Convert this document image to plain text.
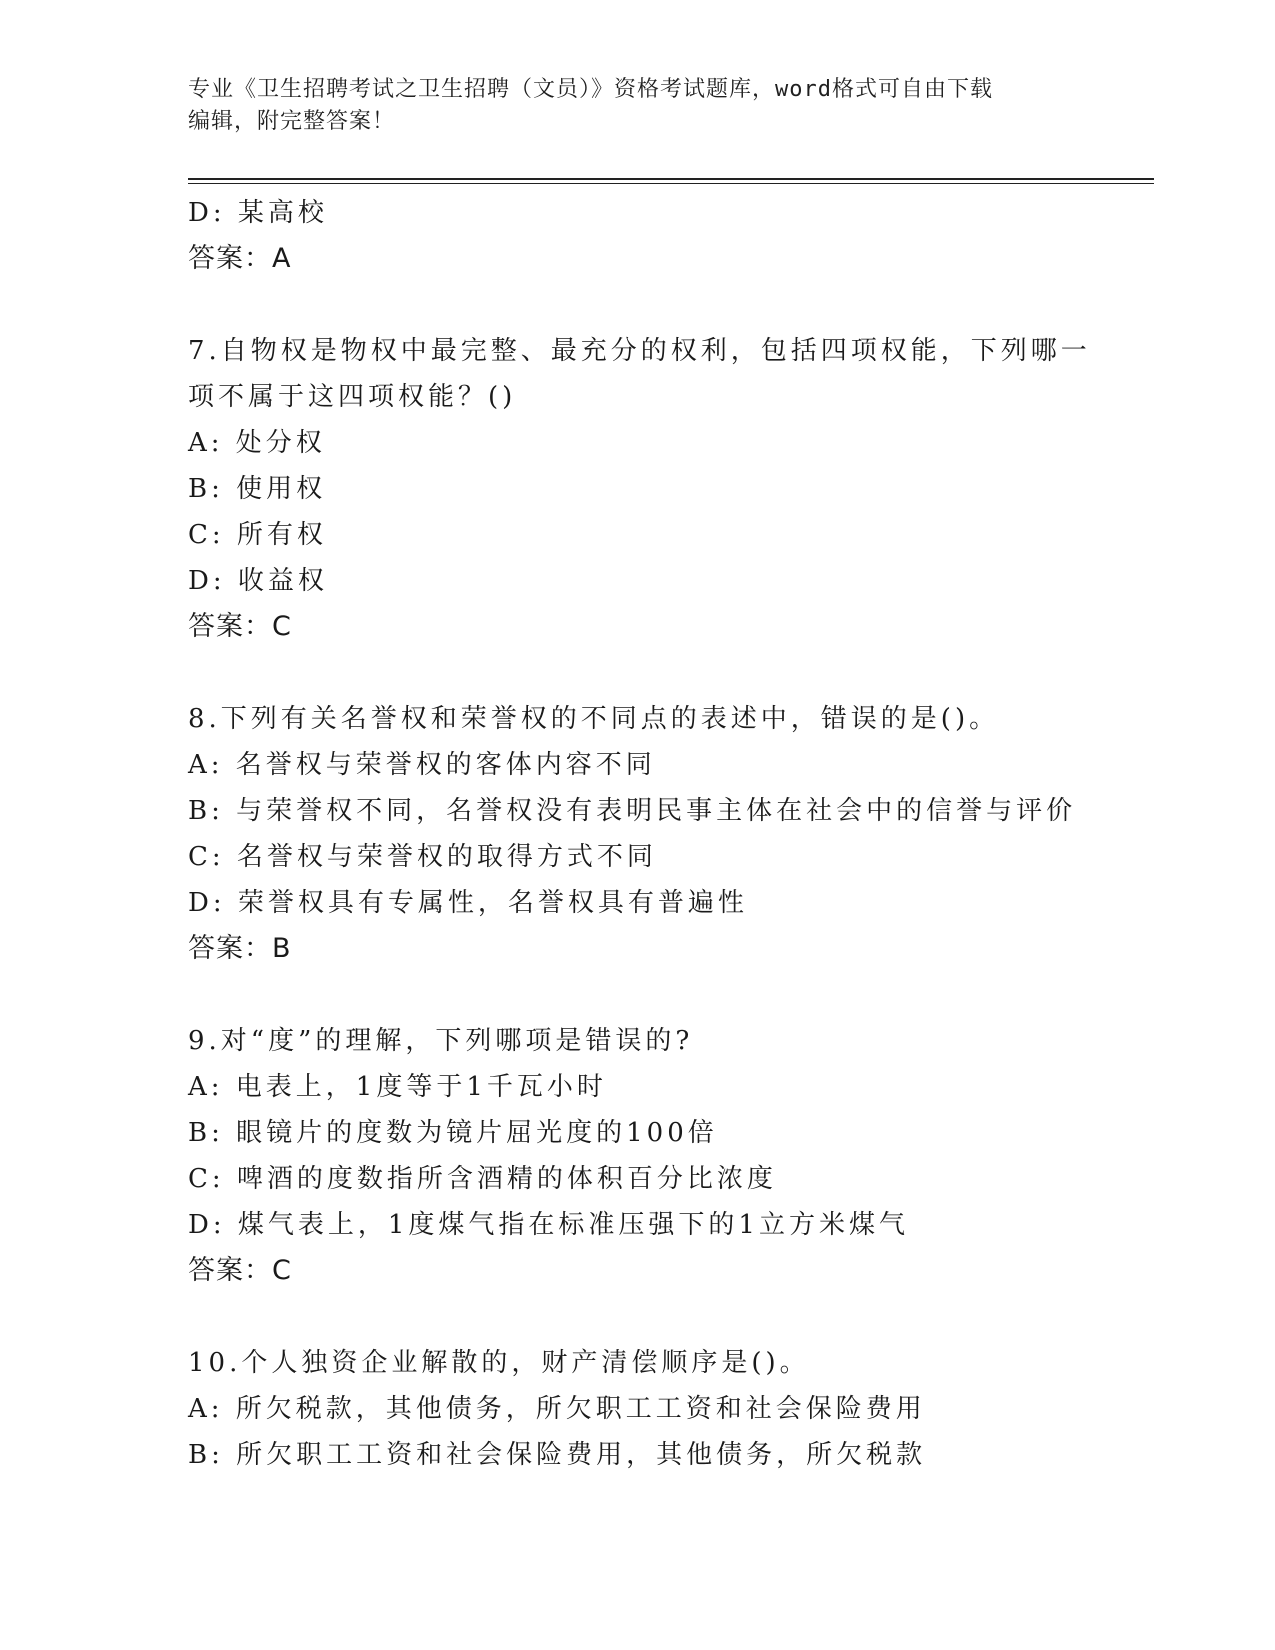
专业《卫生招聘考试之卫生招聘（文员）》资格考试题库，word格式可自由下载
编辑，附完整答案！
D: 某高校
答案：A
7.自物权是物权中最完整、最充分的权利，包括四项权能，下列哪一
项不属于这四项权能？()
A: 处分权
B: 使用权
C: 所有权
D: 收益权
答案：C
8.下列有关名誉权和荣誉权的不同点的表述中，错误的是()。
A: 名誉权与荣誉权的客体内容不同
B: 与荣誉权不同，名誉权没有表明民事主体在社会中的信誉与评价
C: 名誉权与荣誉权的取得方式不同
D: 荣誉权具有专属性，名誉权具有普遍性
答案：B
9.对“度”的理解，下列哪项是错误的?
A: 电表上，1度等于1千瓦小时
B: 眼镜片的度数为镜片屈光度的100倍
C: 啤酒的度数指所含酒精的体积百分比浓度
D: 煤气表上，1度煤气指在标准压强下的1立方米煤气
答案：C
10.个人独资企业解散的，财产清偿顺序是()。
A: 所欠税款，其他债务，所欠职工工资和社会保险费用
B: 所欠职工工资和社会保险费用，其他债务，所欠税款
